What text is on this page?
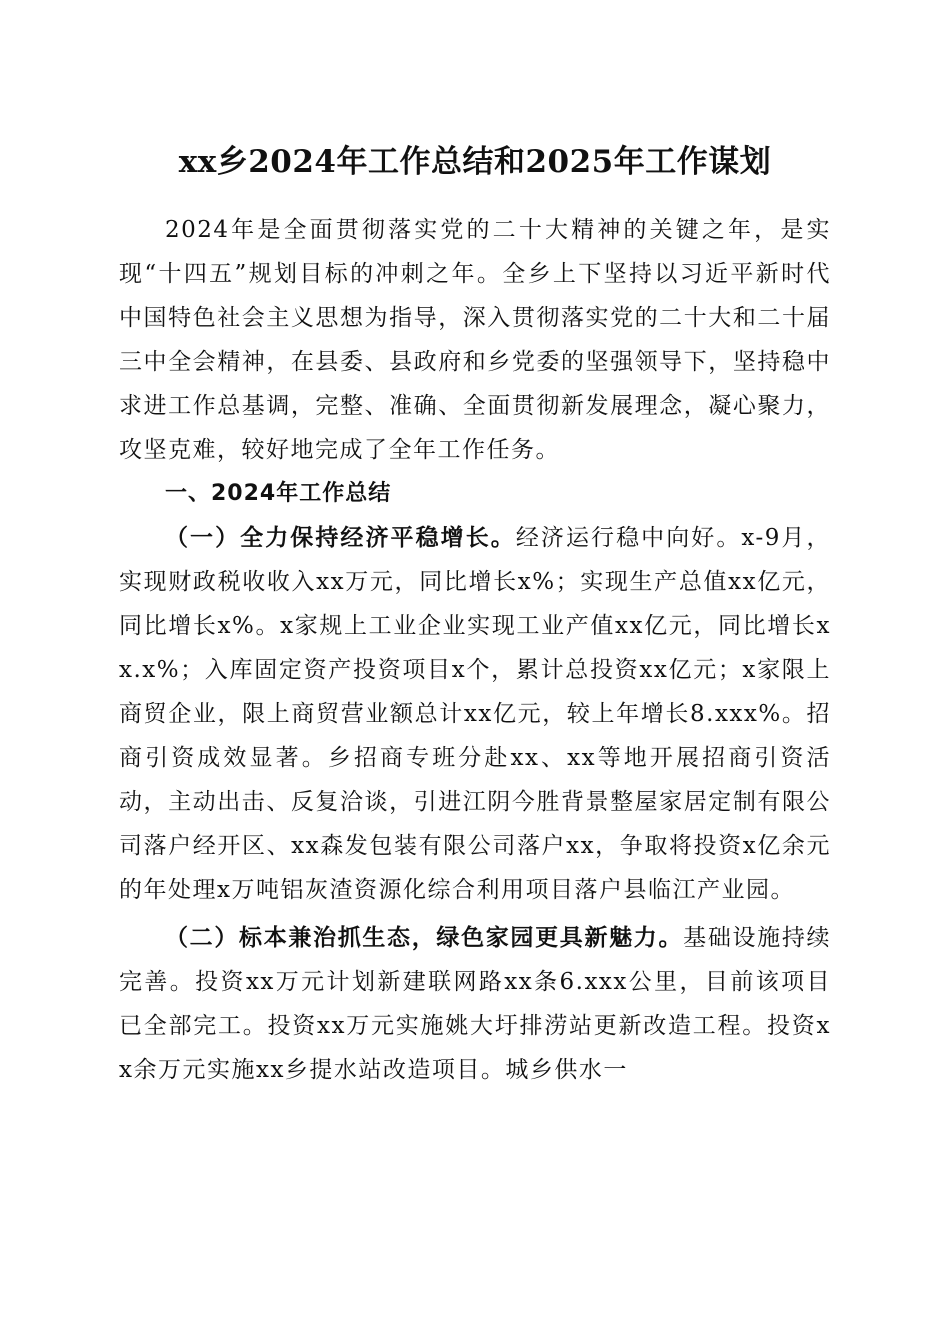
xx乡2024年工作总结和2025年工作谋划

2024年是全面贯彻落实党的二十大精神的关键之年，是实现“十四五”规划目标的冲刺之年。全乡上下坚持以习近平新时代中国特色社会主义思想为指导，深入贯彻落实党的二十大和二十届三中全会精神，在县委、县政府和乡党委的坚强领导下，坚持稳中求进工作总基调，完整、准确、全面贯彻新发展理念，凝心聚力，攻坚克难，较好地完成了全年工作任务。

一、2024年工作总结

（一）全力保持经济平稳增长。经济运行稳中向好。x-9月，实现财政税收收入xx万元，同比增长x%；实现生产总值xx亿元，同比增长x%。x家规上工业企业实现工业产值xx亿元，同比增长xx.x%；入库固定资产投资项目x个，累计总投资xx亿元；x家限上商贸企业，限上商贸营业额总计xx亿元，较上年增长8.xxx%。招商引资成效显著。乡招商专班分赴xx、xx等地开展招商引资活动，主动出击、反复洽谈，引进江阴今胜背景整屋家居定制有限公司落户经开区、xx森发包装有限公司落户xx，争取将投资x亿余元的年处理x万吨铝灰渣资源化综合利用项目落户县临江产业园。

（二）标本兼治抓生态，绿色家园更具新魅力。基础设施持续完善。投资xx万元计划新建联网路xx条6.xxx公里，目前该项目已全部完工。投资xx万元实施姚大圩排涝站更新改造工程。投资xx余万元实施xx乡提水站改造项目。城乡供水一
